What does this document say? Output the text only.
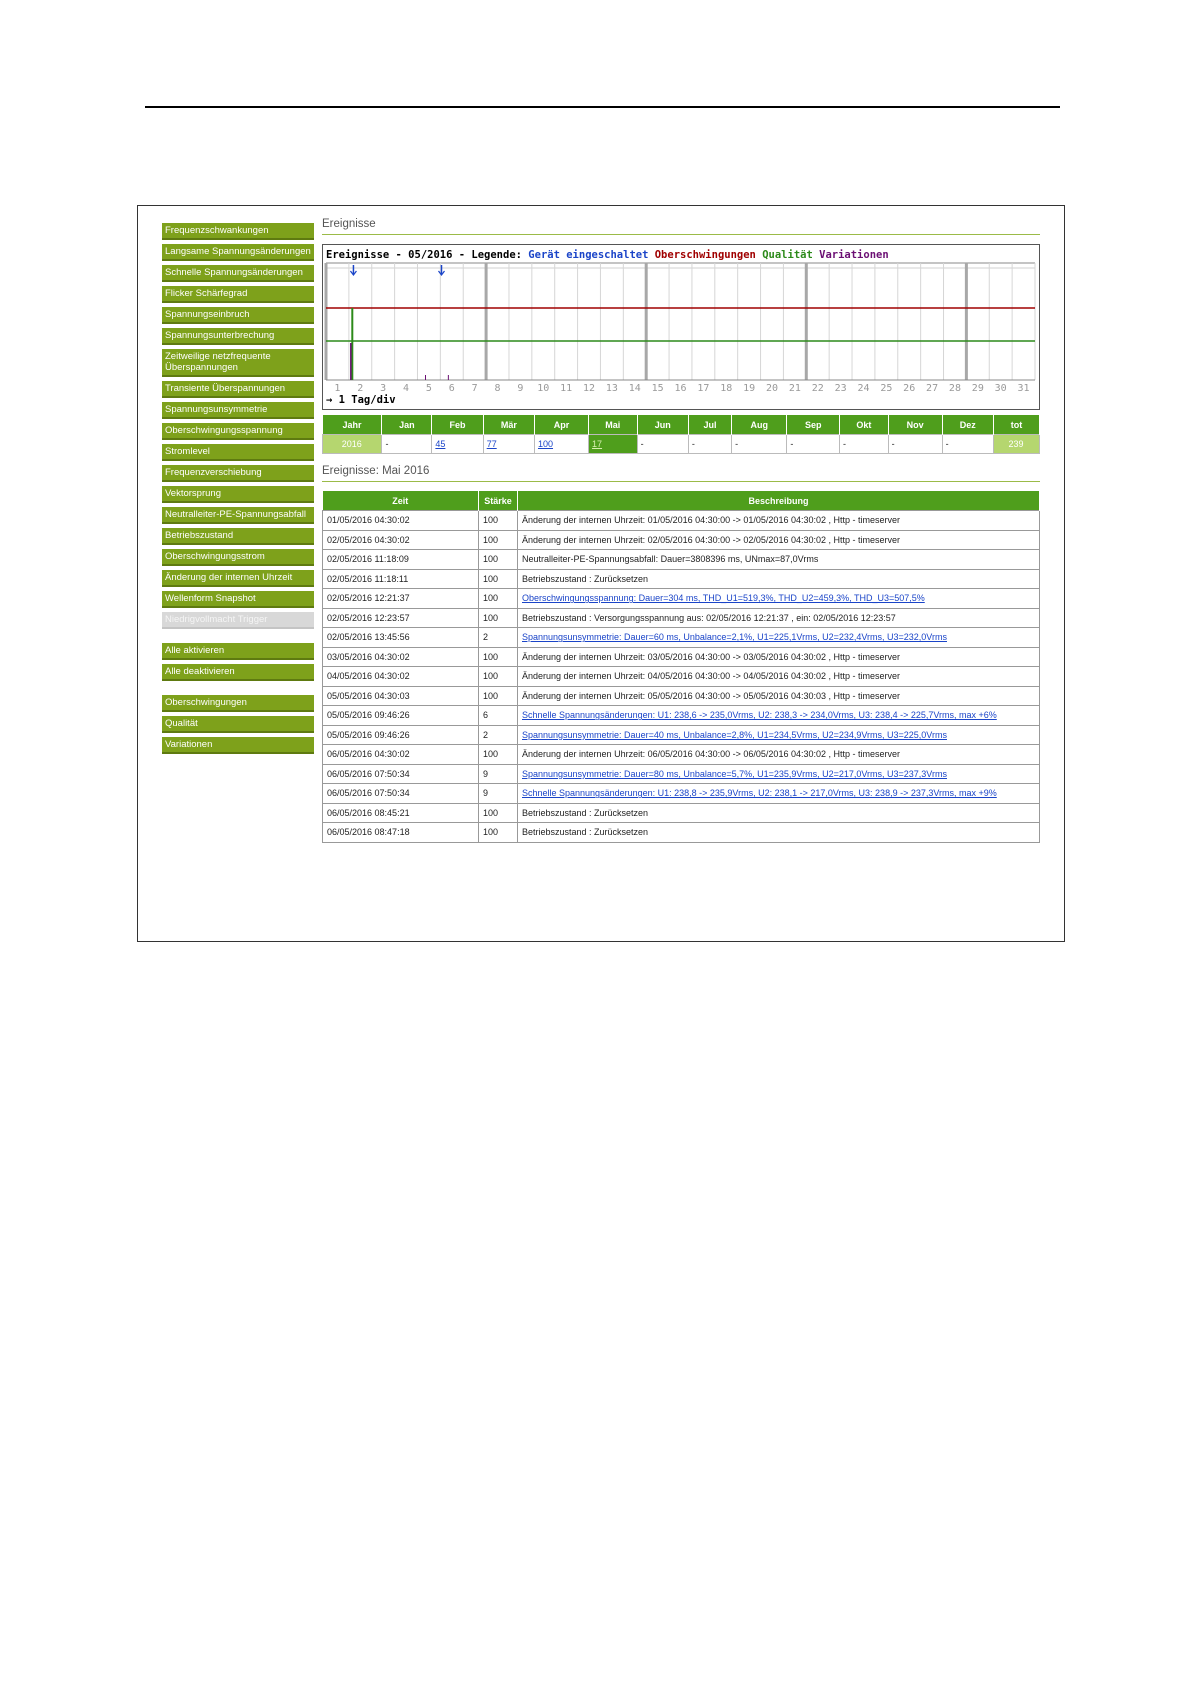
Frequenzschwankungen
Langsame Spannungsänderungen
Schnelle Spannungsänderungen
Flicker Schärfegrad
Spannungseinbruch
Spannungsunterbrechung
Zeitweilige netzfrequente Überspannungen
Transiente Überspannungen
Spannungsunsymmetrie
Oberschwingungsspannung
Stromlevel
Frequenzverschiebung
Vektorsprung
Neutralleiter-PE-Spannungsabfall
Betriebszustand
Oberschwingungsstrom
Änderung der internen Uhrzeit
Wellenform Snapshot
Niedrigvollmacht Trigger
Alle aktivieren
Alle deaktivieren
Oberschwingungen
Qualität
Variationen
Ereignisse
1 2 3 4 5 6 7 8 9 10 11 12 13 14 15 16 17 18 19 20 21 22 23 24 25 26 27 28 29 30 31
Ereignisse - 05/2016 - Legende: Gerät eingeschaltet Oberschwingungen Qualität Variationen
→ 1 Tag/div
Jahr	Jan	Feb	Mär	Apr	Mai	Jun	Jul	Aug	Sep	Okt	Nov	Dez	tot
2016	-	45	77	100	17	-	-	-	-	-	-	-	239
Ereignisse: Mai 2016
Zeit	Stärke	Beschreibung
01/05/2016 04:30:02	100	Änderung der internen Uhrzeit: 01/05/2016 04:30:00 -> 01/05/2016 04:30:02 , Http - timeserver
02/05/2016 04:30:02	100	Änderung der internen Uhrzeit: 02/05/2016 04:30:00 -> 02/05/2016 04:30:02 , Http - timeserver
02/05/2016 11:18:09	100	Neutralleiter-PE-Spannungsabfall: Dauer=3808396 ms, UNmax=87,0Vrms
02/05/2016 11:18:11	100	Betriebszustand : Zurücksetzen
02/05/2016 12:21:37	100	Oberschwingungsspannung: Dauer=304 ms, THD_U1=519,3%, THD_U2=459,3%, THD_U3=507,5%
02/05/2016 12:23:57	100	Betriebszustand : Versorgungsspannung aus: 02/05/2016 12:21:37 , ein: 02/05/2016 12:23:57
02/05/2016 13:45:56	2	Spannungsunsymmetrie: Dauer=60 ms, Unbalance=2,1%, U1=225,1Vrms, U2=232,4Vrms, U3=232,0Vrms
03/05/2016 04:30:02	100	Änderung der internen Uhrzeit: 03/05/2016 04:30:00 -> 03/05/2016 04:30:02 , Http - timeserver
04/05/2016 04:30:02	100	Änderung der internen Uhrzeit: 04/05/2016 04:30:00 -> 04/05/2016 04:30:02 , Http - timeserver
05/05/2016 04:30:03	100	Änderung der internen Uhrzeit: 05/05/2016 04:30:00 -> 05/05/2016 04:30:03 , Http - timeserver
05/05/2016 09:46:26	6	Schnelle Spannungsänderungen: U1: 238,6 -> 235,0Vrms, U2: 238,3 -> 234,0Vrms, U3: 238,4 -> 225,7Vrms, max +6%
05/05/2016 09:46:26	2	Spannungsunsymmetrie: Dauer=40 ms, Unbalance=2,8%, U1=234,5Vrms, U2=234,9Vrms, U3=225,0Vrms
06/05/2016 04:30:02	100	Änderung der internen Uhrzeit: 06/05/2016 04:30:00 -> 06/05/2016 04:30:02 , Http - timeserver
06/05/2016 07:50:34	9	Spannungsunsymmetrie: Dauer=80 ms, Unbalance=5,7%, U1=235,9Vrms, U2=217,0Vrms, U3=237,3Vrms
06/05/2016 07:50:34	9	Schnelle Spannungsänderungen: U1: 238,8 -> 235,9Vrms, U2: 238,1 -> 217,0Vrms, U3: 238,9 -> 237,3Vrms, max +9%
06/05/2016 08:45:21	100	Betriebszustand : Zurücksetzen
06/05/2016 08:47:18	100	Betriebszustand : Zurücksetzen
